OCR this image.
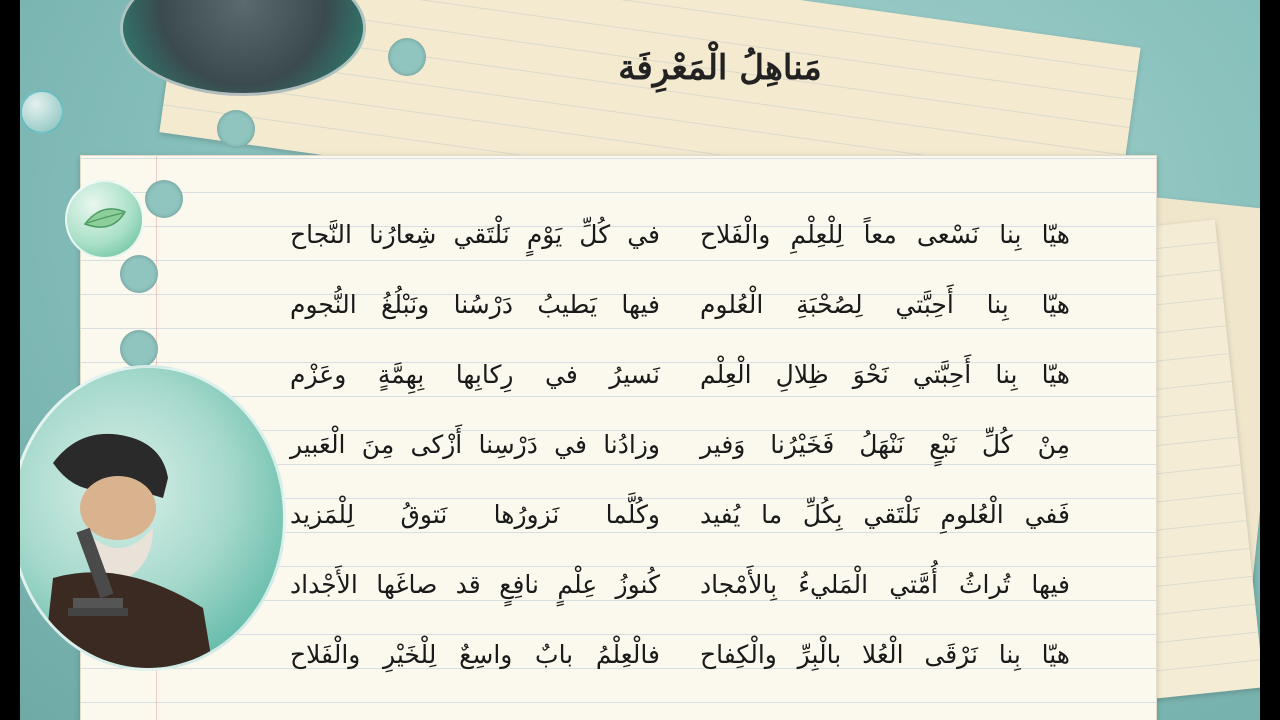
مَناهِلُ الْمَعْرِفَة
هيّا بِنا نَسْعى معاً لِلْعِلْمِ والْفَلاح
في كُلِّ يَوْمٍ نَلْتَقي شِعارُنا النَّجاح
هيّا بِنا أَحِبَّتي لِصُحْبَةِ الْعُلوم
فيها يَطيبُ دَرْسُنا ونَبْلُغُ النُّجوم
هيّا بِنا أَحِبَّتي نَحْوَ ظِلالِ الْعِلْم
نَسيرُ في رِكابِها بِهِمَّةٍ وعَزْم
مِنْ كُلِّ نَبْعٍ نَنْهَلُ فَخَيْرُنا وَفير
وزادُنا في دَرْسِنا أَزْكى مِنَ الْعَبير
فَفي الْعُلومِ نَلْتَقي بِكُلِّ ما يُفيد
وكُلَّما نَزورُها نَتوقُ لِلْمَزيد
فيها تُراثُ أُمَّتي الْمَليءُ بِالأَمْجاد
كُنوزُ عِلْمٍ نافِعٍ قد صاغَها الأَجْداد
هيّا بِنا نَرْقَى الْعُلا بالْبِرِّ والْكِفاح
فالْعِلْمُ بابٌ واسِعٌ لِلْخَيْرِ والْفَلاح
